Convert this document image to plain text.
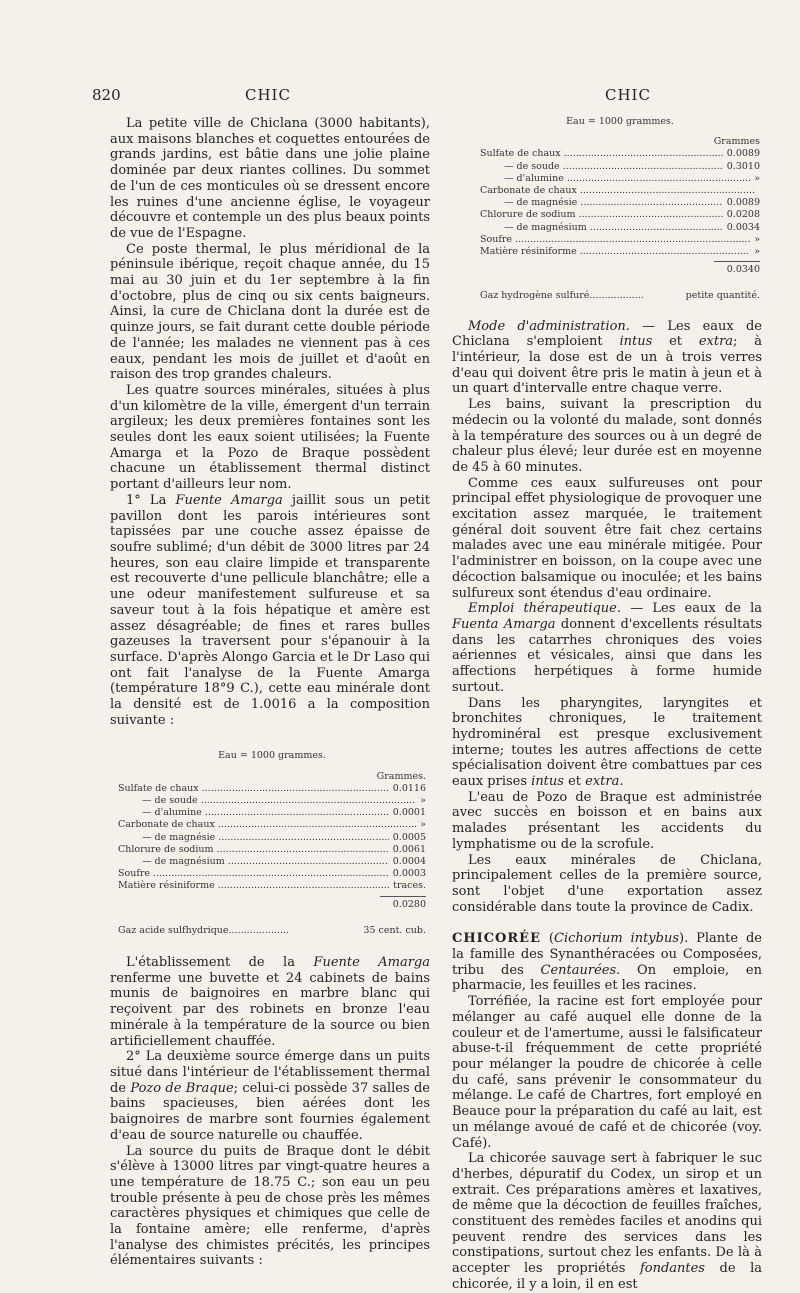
820	CHIC	CHIC

La petite ville de Chiclana (3000 habitants), aux maisons blanches et coquettes entourées de grands jardins, est bâtie dans une jolie plaine dominée par deux riantes collines. Du sommet de l'un de ces monticules où se dressent encore les ruines d'une ancienne église, le voyageur découvre et contemple un des plus beaux points de vue de l'Espagne.

Ce poste thermal, le plus méridional de la péninsule ibérique, reçoit chaque année, du 15 mai au 30 juin et du 1er septembre à la fin d'octobre, plus de cinq ou six cents baigneurs. Ainsi, la cure de Chiclana dont la durée est de quinze jours, se fait durant cette double période de l'année; les malades ne viennent pas à ces eaux, pendant les mois de juillet et d'août en raison des trop grandes chaleurs.

Les quatre sources minérales, situées à plus d'un kilomètre de la ville, émergent d'un terrain argileux; les deux premières fontaines sont les seules dont les eaux soient utilisées; la Fuente Amarga et la Pozo de Braque possèdent chacune un établissement thermal distinct portant d'ailleurs leur nom.

1° La Fuente Amarga jaillit sous un petit pavillon dont les parois intérieures sont tapissées par une couche assez épaisse de soufre sublimé; d'un débit de 3000 litres par 24 heures, son eau claire limpide et transparente est recouverte d'une pellicule blanchâtre; elle a une odeur manifestement sulfureuse et sa saveur tout à la fois hépatique et amère est assez désagréable; de fines et rares bulles gazeuses la traversent pour s'épanouir à la surface. D'après Alongo Garcia et le Dr Laso qui ont fait l'analyse de la Fuente Amarga (température 18°9 C.), cette eau minérale dont la densité est de 1.0016 a la composition suivante :

Eau = 1000 grammes.
Grammes.
Sulfate de chaux .....	0.0116
— de soude .....	»
— d'alumine .....	0.0001
Carbonate de chaux .....	»
— de magnésie .....	0.0005
Chlorure de sodium .....	0.0061
— de magnésium .....	0.0004
Soufre .....	0.0003
Matière résiniforme .....	traces.
0.0280
Gaz acide sulfhydrique....................	35 cent. cub.

L'établissement de la Fuente Amarga renferme une buvette et 24 cabinets de bains munis de baignoires en marbre blanc qui reçoivent par des robinets en bronze l'eau minérale à la température de la source ou bien artificiellement chauffée.

2° La deuxième source émerge dans un puits situé dans l'intérieur de l'établissement thermal de Pozo de Braque; celui-ci possède 37 salles de bains spacieuses, bien aérées dont les baignoires de marbre sont fournies également d'eau de source naturelle ou chauffée.

La source du puits de Braque dont le débit s'élève à 13000 litres par vingt-quatre heures a une température de 18.75 C.; son eau un peu trouble présente à peu de chose près les mêmes caractères physiques et chimiques que celle de la fontaine amère; elle renferme, d'après l'analyse des chimistes précités, les principes élémentaires suivants :

Eau = 1000 grammes.
Grammes
Sulfate de chaux .....	0.0089
— de soude .....	0.3010
— d'alumine .....	»
Carbonate de chaux .....
— de magnésie .....	0.0089
Chlorure de sodium .....	0.0208
— de magnésium .....	0.0034
Soufre .....	»
Matière résiniforme .....	»
0.0340
Gaz hydrogène sulfuré..................	petite quantité.

Mode d'administration. — Les eaux de Chiclana s'emploient intus et extra; à l'intérieur, la dose est de un à trois verres d'eau qui doivent être pris le matin à jeun et à un quart d'intervalle entre chaque verre.

Les bains, suivant la prescription du médecin ou la volonté du malade, sont donnés à la température des sources ou à un degré de chaleur plus élevé; leur durée est en moyenne de 45 à 60 minutes.

Comme ces eaux sulfureuses ont pour principal effet physiologique de provoquer une excitation assez marquée, le traitement général doit souvent être fait chez certains malades avec une eau minérale mitigée. Pour l'administrer en boisson, on la coupe avec une décoction balsamique ou inoculée; et les bains sulfureux sont étendus d'eau ordinaire.

Emploi thérapeutique. — Les eaux de la Fuenta Amarga donnent d'excellents résultats dans les catarrhes chroniques des voies aériennes et vésicales, ainsi que dans les affections herpétiques à forme humide surtout.

Dans les pharyngites, laryngites et bronchites chroniques, le traitement hydrominéral est presque exclusivement interne; toutes les autres affections de cette spécialisation doivent être combattues par ces eaux prises intus et extra.

L'eau de Pozo de Braque est administrée avec succès en boisson et en bains aux malades présentant les accidents du lymphatisme ou de la scrofule.

Les eaux minérales de Chiclana, principalement celles de la première source, sont l'objet d'une exportation assez considérable dans toute la province de Cadix.

CHICORÉE (Cichorium intybus). Plante de la famille des Synanthéracées ou Composées, tribu des Centaurées. On emploie, en pharmacie, les feuilles et les racines.

Torréfiée, la racine est fort employée pour mélanger au café auquel elle donne de la couleur et de l'amertume, aussi le falsificateur abuse-t-il fréquemment de cette propriété pour mélanger la poudre de chicorée à celle du café, sans prévenir le consommateur du mélange. Le café de Chartres, fort employé en Beauce pour la préparation du café au lait, est un mélange avoué de café et de chicorée (voy. Café).

La chicorée sauvage sert à fabriquer le suc d'herbes, dépuratif du Codex, un sirop et un extrait. Ces préparations amères et laxatives, de même que la décoction de feuilles fraîches, constituent des remèdes faciles et anodins qui peuvent rendre des services dans les constipations, surtout chez les enfants. De là à accepter les propriétés fondantes de la chicorée, il y a loin, il en est
